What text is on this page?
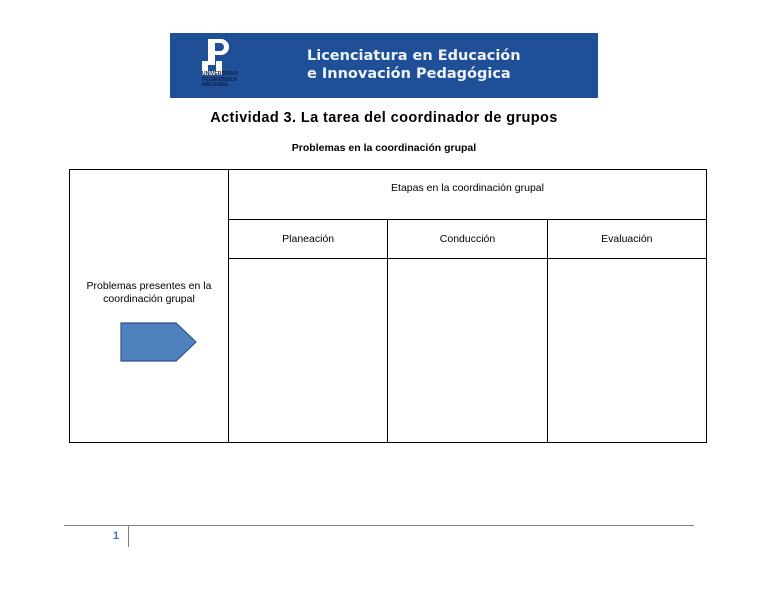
UNIVERSIDAD
PEDAGÓGICA
NACIONAL
Licenciatura en Educación
e Innovación Pedagógica
Actividad 3. La tarea del coordinador de grupos
Problemas en la coordinación grupal
Problemas presentes en la
coordinación grupal	Etapas en la coordinación grupal		
	Planeación	Conducción	Evaluación

1
